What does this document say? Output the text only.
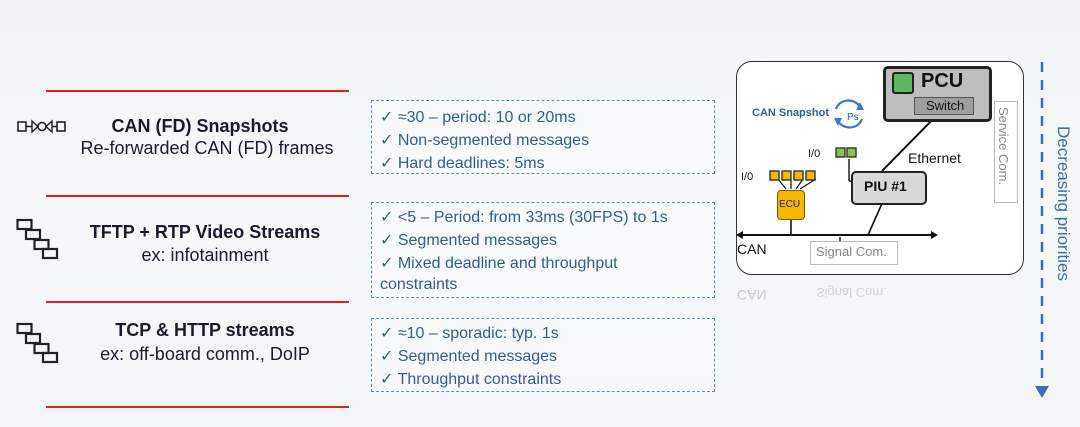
CAN (FD) Snapshots
Re-forwarded CAN (FD) frames
TFTP + RTP Video Streams
ex: infotainment
TCP & HTTP streams
ex: off-board comm., DoIP
✓ ≈30 – period: 10 or 20ms
✓ Non-segmented messages
✓ Hard deadlines: 5ms
✓ <5 – Period: from 33ms (30FPS) to 1s
✓ Segmented messages
✓ Mixed deadline and throughput
constraints
✓ ≈10 – sporadic: typ. 1s
✓ Segmented messages
✓ Throughput constraints
PCU
Switch
Ethernet
PIU #1
ECU
I/0
I/0
CAN Snapshot Ps
CAN	Signal Com.
Service Com.
CAN	Signal Com.
Decreasing priorities
